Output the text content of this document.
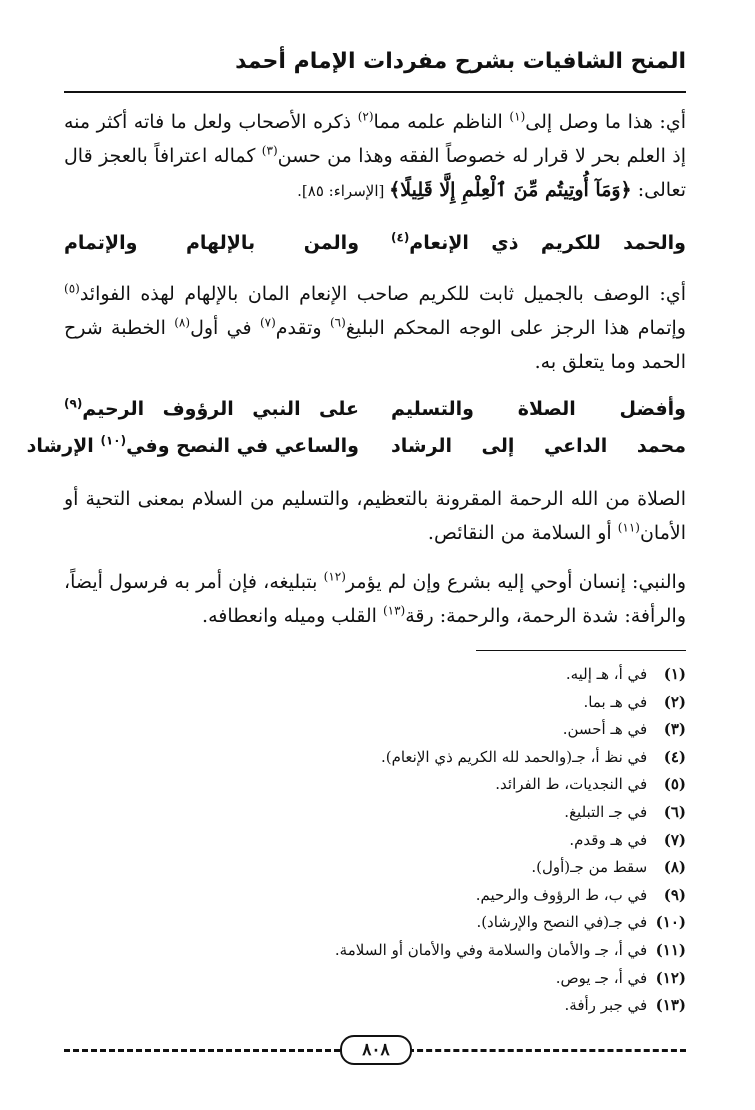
المنح الشافيات بشرح مفردات الإمام أحمد

أي: هذا ما وصل إلى$^{(١)}$ الناظم علمه مما$^{(٢)}$ ذكره الأصحاب ولعل ما فاته أكثر منه إذ العلم بحر لا قرار له خصوصاً الفقه وهذا من حسن$^{(٣)}$ كماله اعترافاً بالعجز قال تعالى: ﴿وَمَآ أُوتِيتُم مِّنَ ٱلْعِلْمِ إِلَّا قَلِيلًا﴾ [الإسراء: ٨٥].

والحمد للكريم ذي الإنعام$^{(٤)}$
والمن بالإلهام والإتمام

أي: الوصف بالجميل ثابت للكريم صاحب الإنعام المان بالإلهام لهذه الفوائد$^{(٥)}$ وإتمام هذا الرجز على الوجه المحكم البليغ$^{(٦)}$ وتقدم$^{(٧)}$ في أول$^{(٨)}$ الخطبة شرح الحمد وما يتعلق به.

وأفضل الصلاة والتسليم
على النبي الرؤوف الرحيم$^{(٩)}$
محمد الداعي إلى الرشاد
والساعي في النصح وفي$^{(١٠)}$ الإرشاد

الصلاة من الله الرحمة المقرونة بالتعظيم، والتسليم من السلام بمعنى التحية أو الأمان$^{(١١)}$ أو السلامة من النقائص.

والنبي: إنسان أوحي إليه بشرع وإن لم يؤمر$^{(١٢)}$ بتبليغه، فإن أمر به فرسول أيضاً، والرأفة: شدة الرحمة، والرحمة: رقة$^{(١٣)}$ القلب وميله وانعطافه.

(١) في أ، هـ إليه.
(٢) في هـ بما.
(٣) في هـ أحسن.
(٤) في نظ أ، جـ(والحمد لله الكريم ذي الإنعام).
(٥) في النجديات، ط الفرائد.
(٦) في جـ التبليغ.
(٧) في هـ وقدم.
(٨) سقط من جـ(أول).
(٩) في ب، ط الرؤوف والرحيم.
(١٠) في جـ(في النصح والإرشاد).
(١١) في أ، جـ والأمان والسلامة وفي والأمان أو السلامة.
(١٢) في أ، جـ يوص.
(١٣) في جبر رأفة.
٨٠٨
